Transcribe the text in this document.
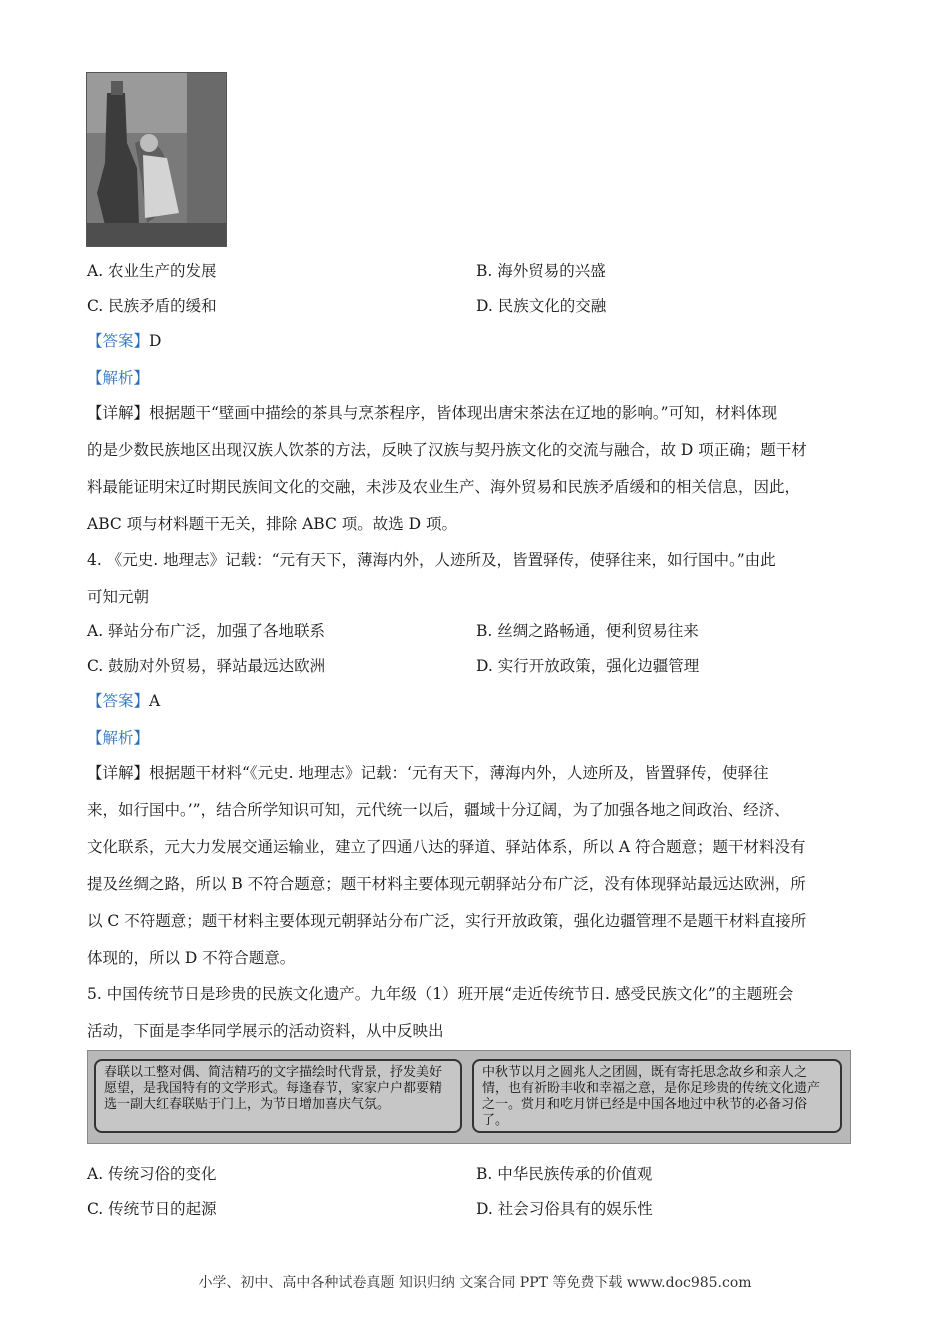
A. 农业生产的发展	B. 海外贸易的兴盛
C. 民族矛盾的缓和	D. 民族文化的交融
【答案】D
【解析】
【详解】根据题干“壁画中描绘的茶具与烹茶程序，皆体现出唐宋茶法在辽地的影响。”可知，材料体现
的是少数民族地区出现汉族人饮茶的方法，反映了汉族与契丹族文化的交流与融合，故 D 项正确；题干材
料最能证明宋辽时期民族间文化的交融，未涉及农业生产、海外贸易和民族矛盾缓和的相关信息，因此，
ABC 项与材料题干无关，排除 ABC 项。故选 D 项。
4. 《元史. 地理志》记载：“元有天下，薄海内外，人迹所及，皆置驿传，使驿往来，如行国中。”由此
可知元朝
A. 驿站分布广泛，加强了各地联系	B. 丝绸之路畅通，便利贸易往来
C. 鼓励对外贸易，驿站最远达欧洲	D. 实行开放政策，强化边疆管理
【答案】A
【解析】
【详解】根据题干材料“《元史. 地理志》记载：‘元有天下，薄海内外，人迹所及，皆置驿传，使驿往
来，如行国中。’”，结合所学知识可知，元代统一以后，疆域十分辽阔，为了加强各地之间政治、经济、
文化联系，元大力发展交通运输业，建立了四通八达的驿道、驿站体系，所以 A 符合题意；题干材料没有
提及丝绸之路，所以 B 不符合题意；题干材料主要体现元朝驿站分布广泛，没有体现驿站最远达欧洲，所
以 C 不符题意；题干材料主要体现元朝驿站分布广泛，实行开放政策，强化边疆管理不是题干材料直接所
体现的，所以 D 不符合题意。
5. 中国传统节日是珍贵的民族文化遗产。九年级（1）班开展“走近传统节日. 感受民族文化”的主题班会
活动，下面是李华同学展示的活动资料，从中反映出
春联以工整对偶、简洁精巧的文字描绘时代背景，抒发美好愿望，是我国特有的文学形式。每逢春节，家家户户都要精选一副大红春联贴于门上，为节日增加喜庆气氛。
中秋节以月之圆兆人之团圆，既有寄托思念故乡和亲人之情，也有祈盼丰收和幸福之意，是你足珍贵的传统文化遗产之一。赏月和吃月饼已经是中国各地过中秋节的必备习俗了。
A. 传统习俗的变化	B. 中华民族传承的价值观
C. 传统节日的起源	D. 社会习俗具有的娱乐性
小学、初中、高中各种试卷真题 知识归纳 文案合同 PPT 等免费下载 www.doc985.com
